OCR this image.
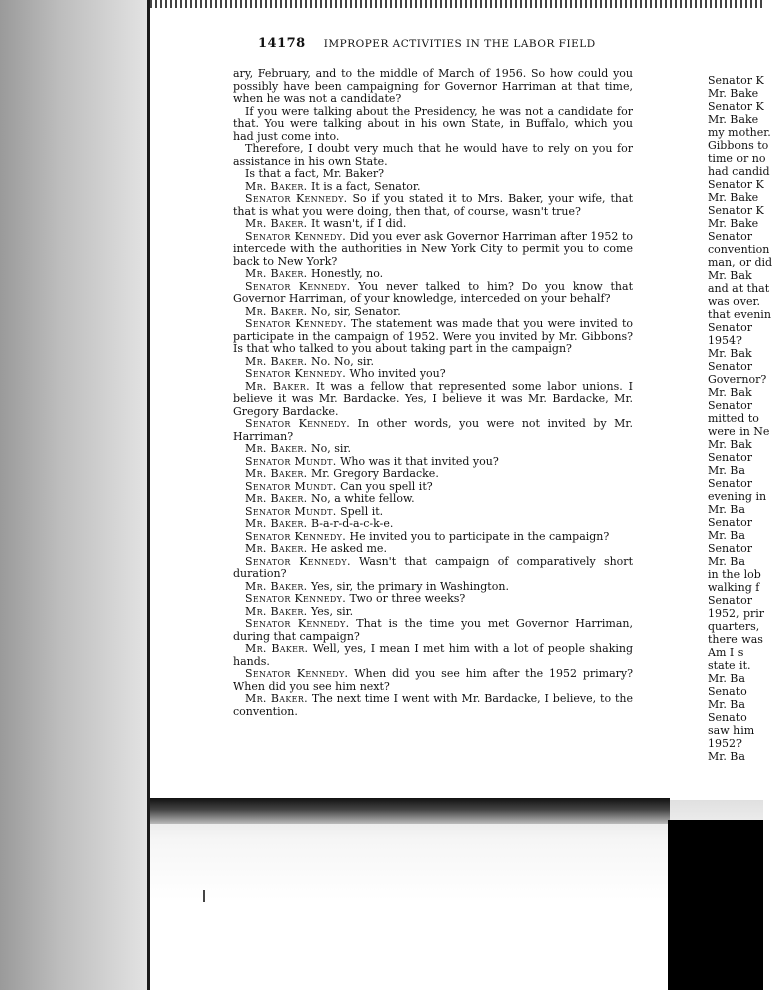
14178 IMPROPER ACTIVITIES IN THE LABOR FIELD

ary, February, and to the middle of March of 1956. So how could you possibly have been campaigning for Governor Harriman at that time, when he was not a candidate?

If you were talking about the Presidency, he was not a candidate for that. You were talking about in his own State, in Buffalo, which you had just come into.

Therefore, I doubt very much that he would have to rely on you for assistance in his own State.

Is that a fact, Mr. Baker?

Mr. Baker. It is a fact, Senator.

Senator Kennedy. So if you stated it to Mrs. Baker, your wife, that that is what you were doing, then that, of course, wasn't true?

Mr. Baker. It wasn't, if I did.

Senator Kennedy. Did you ever ask Governor Harriman after 1952 to intercede with the authorities in New York City to permit you to come back to New York?

Mr. Baker. Honestly, no.

Senator Kennedy. You never talked to him? Do you know that Governor Harriman, of your knowledge, interceded on your behalf?

Mr. Baker. No, sir, Senator.

Senator Kennedy. The statement was made that you were invited to participate in the campaign of 1952. Were you invited by Mr. Gibbons? Is that who talked to you about taking part in the campaign?

Mr. Baker. No. No, sir.

Senator Kennedy. Who invited you?

Mr. Baker. It was a fellow that represented some labor unions. I believe it was Mr. Bardacke. Yes, I believe it was Mr. Bardacke, Mr. Gregory Bardacke.

Senator Kennedy. In other words, you were not invited by Mr. Harriman?

Mr. Baker. No, sir.

Senator Mundt. Who was it that invited you?

Mr. Baker. Mr. Gregory Bardacke.

Senator Mundt. Can you spell it?

Mr. Baker. No, a white fellow.

Senator Mundt. Spell it.

Mr. Baker. B-a-r-d-a-c-k-e.

Senator Kennedy. He invited you to participate in the campaign?

Mr. Baker. He asked me.

Senator Kennedy. Wasn't that campaign of comparatively short duration?

Mr. Baker. Yes, sir, the primary in Washington.

Senator Kennedy. Two or three weeks?

Mr. Baker. Yes, sir.

Senator Kennedy. That is the time you met Governor Harriman, during that campaign?

Mr. Baker. Well, yes, I mean I met him with a lot of people shaking hands.

Senator Kennedy. When did you see him after the 1952 primary? When did you see him next?

Mr. Baker. The next time I went with Mr. Bardacke, I believe, to the convention.

Senator K
Mr. Bake
Senator K
Mr. Bake
my mother.
Gibbons to
time or no
had candid
Senator K
Mr. Bake
Senator K
Mr. Bake
Senator
convention
man, or did
Mr. Bak
and at that
was over.
that evenin
Senator
1954?
Mr. Bak
Senator
Governor?
Mr. Bak
Senator
mitted to
were in Ne
Mr. Bak
Senator
Mr. Ba
Senator
evening in
Mr. Ba
Senator
Mr. Ba
Senator
Mr. Ba
in the lob
walking f
Senator
1952, prir
quarters,
there was
Am I s
state it.
Mr. Ba
Senato
Mr. Ba
Senato
saw him
1952?
Mr. Ba
